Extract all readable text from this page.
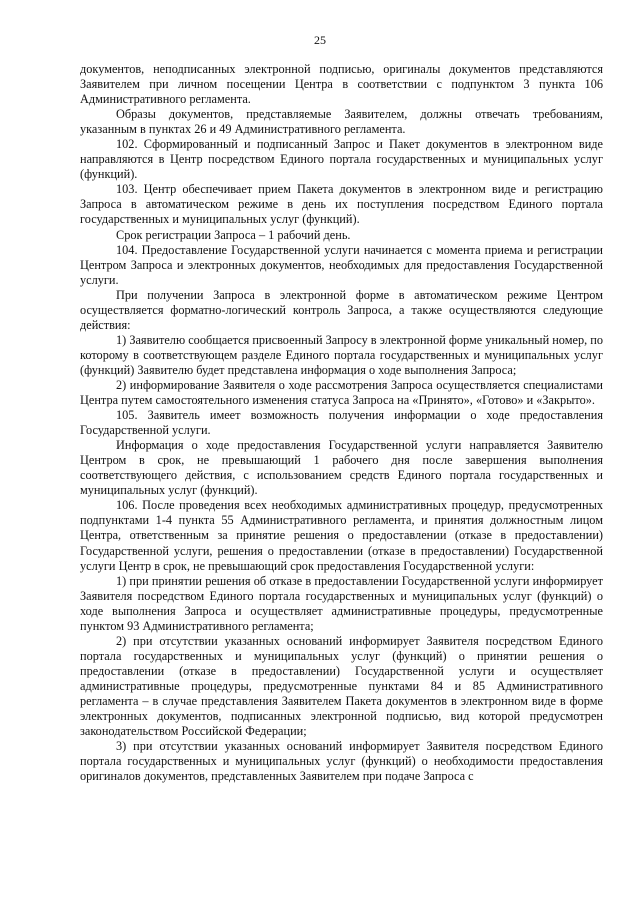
25

документов, неподписанных электронной подписью, оригиналы документов представляются Заявителем при личном посещении Центра в соответствии с подпунктом 3 пункта 106 Административного регламента.

Образы документов, представляемые Заявителем, должны отвечать требованиям, указанным в пунктах 26 и 49 Административного регламента.

102. Сформированный и подписанный Запрос и Пакет документов в электронном виде направляются в Центр посредством Единого портала государственных и муниципальных услуг (функций).

103. Центр обеспечивает прием Пакета документов в электронном виде и регистрацию Запроса в автоматическом режиме в день их поступления посредством Единого портала государственных и муниципальных услуг (функций).

Срок регистрации Запроса – 1 рабочий день.

104. Предоставление Государственной услуги начинается с момента приема и регистрации Центром Запроса и электронных документов, необходимых для предоставления Государственной услуги.

При получении Запроса в электронной форме в автоматическом режиме Центром осуществляется форматно-логический контроль Запроса, а также осуществляются следующие действия:

1) Заявителю сообщается присвоенный Запросу в электронной форме уникальный номер, по которому в соответствующем разделе Единого портала государственных и муниципальных услуг (функций) Заявителю будет представлена информация о ходе выполнения Запроса;

2) информирование Заявителя о ходе рассмотрения Запроса осуществляется специалистами Центра путем самостоятельного изменения статуса Запроса на «Принято», «Готово» и «Закрыто».

105. Заявитель имеет возможность получения информации о ходе предоставления Государственной услуги.

Информация о ходе предоставления Государственной услуги направляется Заявителю Центром в срок, не превышающий 1 рабочего дня после завершения выполнения соответствующего действия, с использованием средств Единого портала государственных и муниципальных услуг (функций).

106. После проведения всех необходимых административных процедур, предусмотренных подпунктами 1-4 пункта 55 Административного регламента, и принятия должностным лицом Центра, ответственным за принятие решения о предоставлении (отказе в предоставлении) Государственной услуги, решения о предоставлении (отказе в предоставлении) Государственной услуги Центр в срок, не превышающий срок предоставления Государственной услуги:

1) при принятии решения об отказе в предоставлении Государственной услуги информирует Заявителя посредством Единого портала государственных и муниципальных услуг (функций) о ходе выполнения Запроса и осуществляет административные процедуры, предусмотренные пунктом 93 Административного регламента;

2) при отсутствии указанных оснований информирует Заявителя посредством Единого портала государственных и муниципальных услуг (функций) о принятии решения о предоставлении (отказе в предоставлении) Государственной услуги и осуществляет административные процедуры, предусмотренные пунктами 84 и 85 Административного регламента – в случае представления Заявителем Пакета документов в электронном виде в форме электронных документов, подписанных электронной подписью, вид которой предусмотрен законодательством Российской Федерации;

3) при отсутствии указанных оснований информирует Заявителя посредством Единого портала государственных и муниципальных услуг (функций) о необходимости предоставления оригиналов документов, представленных Заявителем при подаче Запроса с
